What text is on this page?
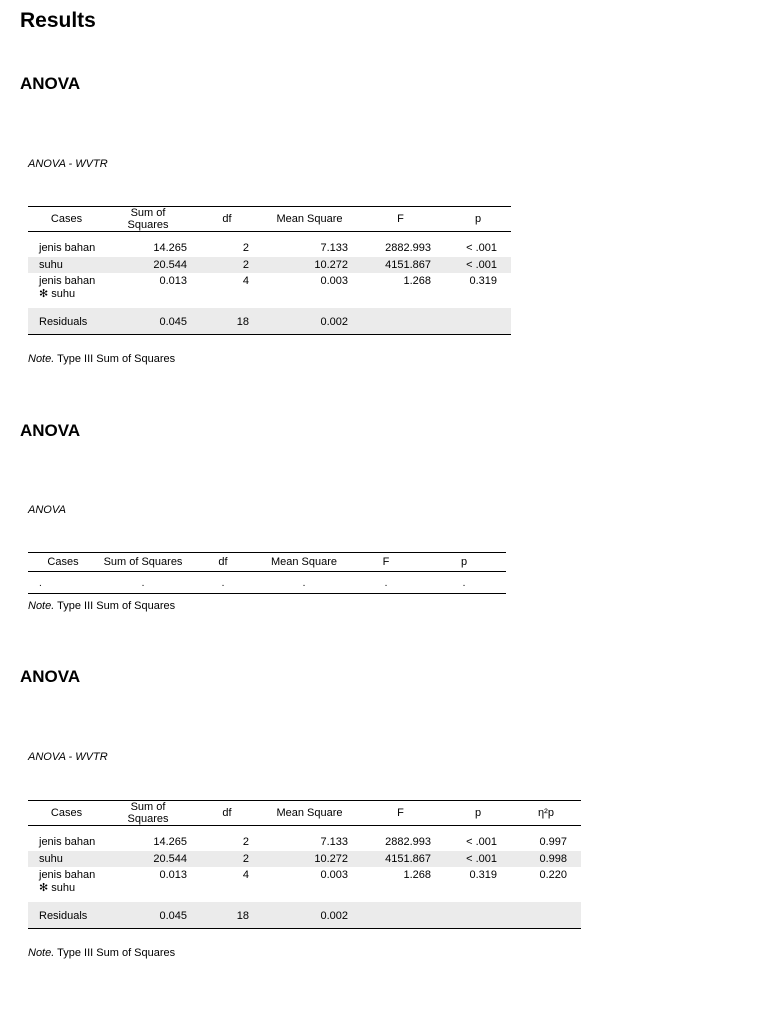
Results
ANOVA
ANOVA - WVTR
Cases	Sum of Squares	df	Mean Square	F	p
jenis bahan	14.265	2	7.133	2882.993	< .001
suhu	20.544	2	10.272	4151.867	< .001
jenis bahan ✻ suhu	0.013	4	0.003	1.268	0.319
Residuals	0.045	18	0.002		
Note. Type III Sum of Squares
ANOVA
ANOVA
Cases	Sum of Squares	df	Mean Square	F	p
.	.	.	.	.	.
Note. Type III Sum of Squares
ANOVA
ANOVA - WVTR
Cases	Sum of Squares	df	Mean Square	F	p	η²p
jenis bahan	14.265	2	7.133	2882.993	< .001	0.997
suhu	20.544	2	10.272	4151.867	< .001	0.998
jenis bahan ✻ suhu	0.013	4	0.003	1.268	0.319	0.220
Residuals	0.045	18	0.002			
Note. Type III Sum of Squares
